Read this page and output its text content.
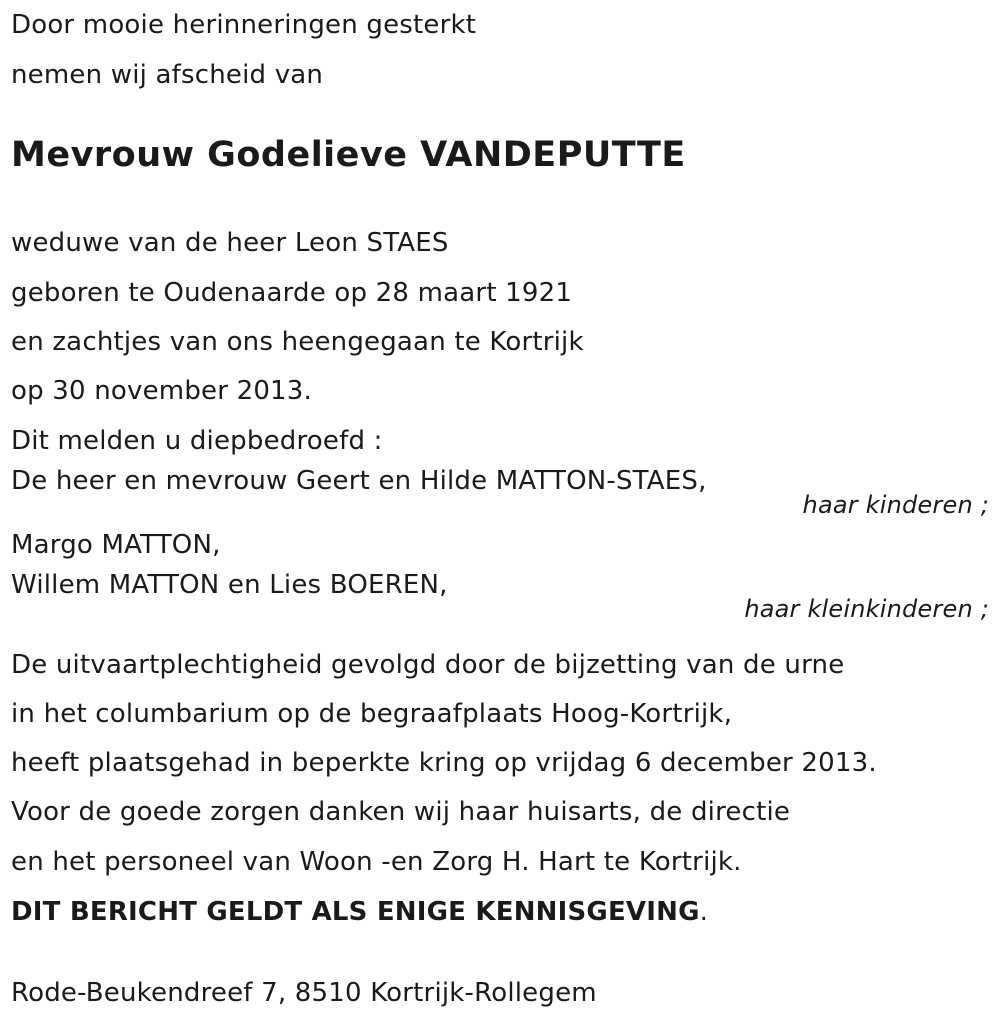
Door mooie herinneringen gesterkt
nemen wij afscheid van
Mevrouw Godelieve VANDEPUTTE
weduwe van de heer Leon STAES
geboren te Oudenaarde op 28 maart 1921
en zachtjes van ons heengegaan te Kortrijk
op 30 november 2013.
Dit melden u diepbedroefd :
De heer en mevrouw Geert en Hilde MATTON-STAES,
haar kinderen ;
Margo MATTON,
Willem MATTON en Lies BOEREN,
haar kleinkinderen ;
De uitvaartplechtigheid gevolgd door de bijzetting van de urne
in het columbarium op de begraafplaats Hoog-Kortrijk,
heeft plaatsgehad in beperkte kring op vrijdag 6 december 2013.
Voor de goede zorgen danken wij haar huisarts, de directie
en het personeel van Woon -en Zorg H. Hart te Kortrijk.
DIT BERICHT GELDT ALS ENIGE KENNISGEVING.
Rode-Beukendreef 7, 8510 Kortrijk-Rollegem
